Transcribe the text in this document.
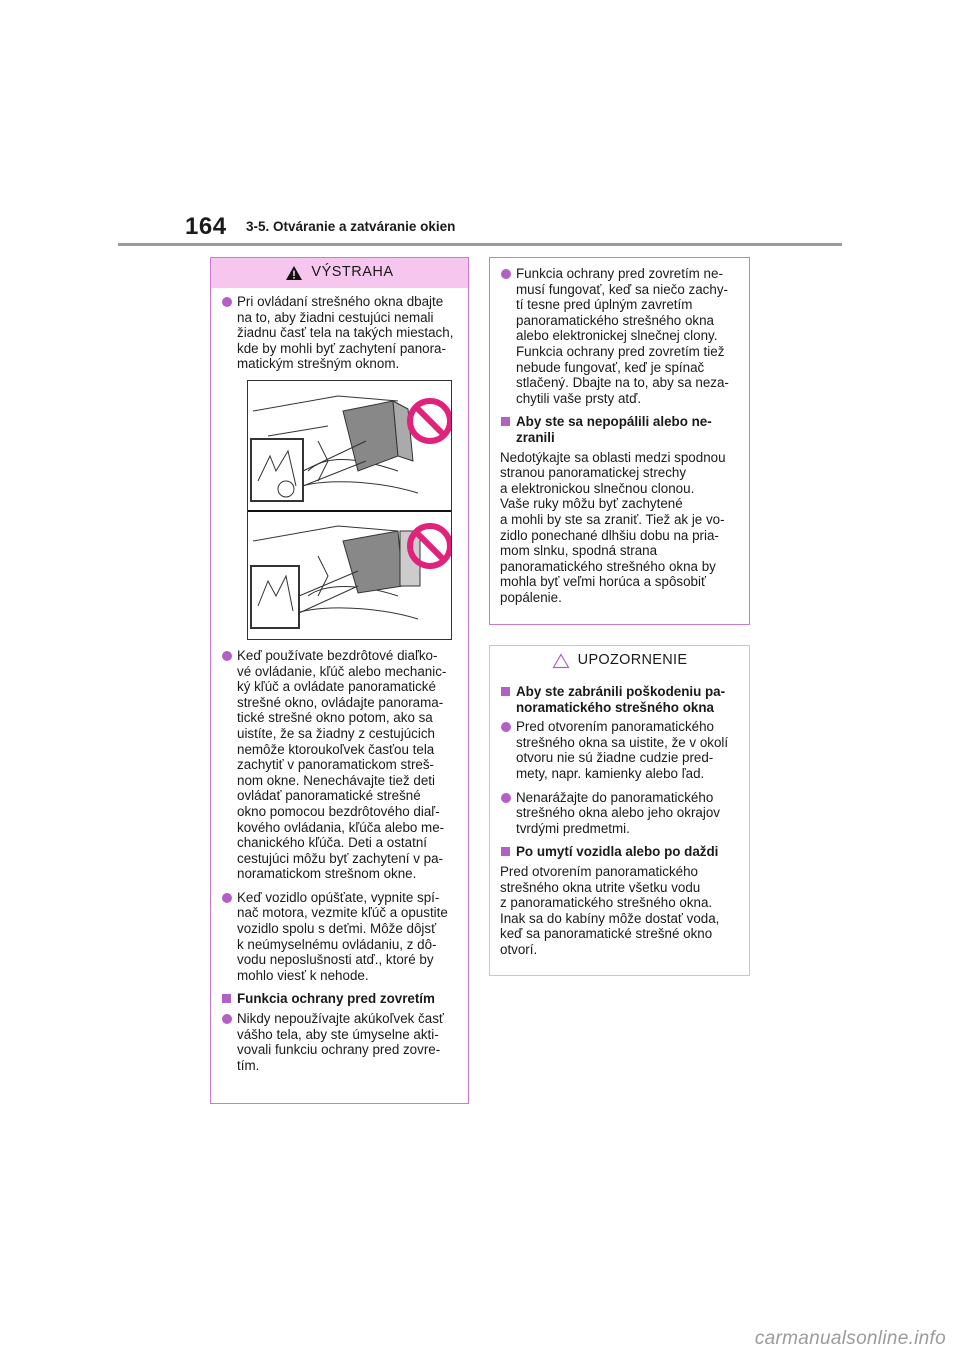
164 3-5. Otváranie a zatváranie okien
VÝSTRAHA
Pri ovládaní strešného okna dbajte
na to, aby žiadni cestujúci nemali
žiadnu časť tela na takých miestach,
kde by mohli byť zachytení panora-
matickým strešným oknom.
Keď používate bezdrôtové diaľko-
vé ovládanie, kľúč alebo mechanic-
ký kľúč a ovládate panoramatické
strešné okno, ovládajte panorama-
tické strešné okno potom, ako sa
uistíte, že sa žiadny z cestujúcich
nemôže ktoroukoľvek časťou tela
zachytiť v panoramatickom streš-
nom okne. Nenechávajte tiež deti
ovládať panoramatické strešné
okno pomocou bezdrôtového diaľ-
kového ovládania, kľúča alebo me-
chanického kľúča. Deti a ostatní
cestujúci môžu byť zachytení v pa-
noramatickom strešnom okne.
Keď vozidlo opúšťate, vypnite spí-
nač motora, vezmite kľúč a opustite
vozidlo spolu s deťmi. Môže dôjsť
k neúmyselnému ovládaniu, z dô-
vodu neposlušnosti atď., ktoré by
mohlo viesť k nehode.
Funkcia ochrany pred zovretím
Nikdy nepoužívajte akúkoľvek časť
vášho tela, aby ste úmyselne akti-
vovali funkciu ochrany pred zovre-
tím.
Funkcia ochrany pred zovretím ne-
musí fungovať, keď sa niečo zachy-
tí tesne pred úplným zavretím
panoramatického strešného okna
alebo elektronickej slnečnej clony.
Funkcia ochrany pred zovretím tiež
nebude fungovať, keď je spínač
stlačený. Dbajte na to, aby sa neza-
chytili vaše prsty atď.
Aby ste sa nepopálili alebo ne-
zranili
Nedotýkajte sa oblasti medzi spodnou
stranou panoramatickej strechy
a elektronickou slnečnou clonou.
Vaše ruky môžu byť zachytené
a mohli by ste sa zraniť. Tiež ak je vo-
zidlo ponechané dlhšiu dobu na pria-
mom slnku, spodná strana
panoramatického strešného okna by
mohla byť veľmi horúca a spôsobiť
popálenie.
UPOZORNENIE
Aby ste zabránili poškodeniu pa-
noramatického strešného okna
Pred otvorením panoramatického
strešného okna sa uistite, že v okolí
otvoru nie sú žiadne cudzie pred-
mety, napr. kamienky alebo ľad.
Nenarážajte do panoramatického
strešného okna alebo jeho okrajov
tvrdými predmetmi.
Po umytí vozidla alebo po daždi
Pred otvorením panoramatického
strešného okna utrite všetku vodu
z panoramatického strešného okna.
Inak sa do kabíny môže dostať voda,
keď sa panoramatické strešné okno
otvorí.
carmanualsonline.info
